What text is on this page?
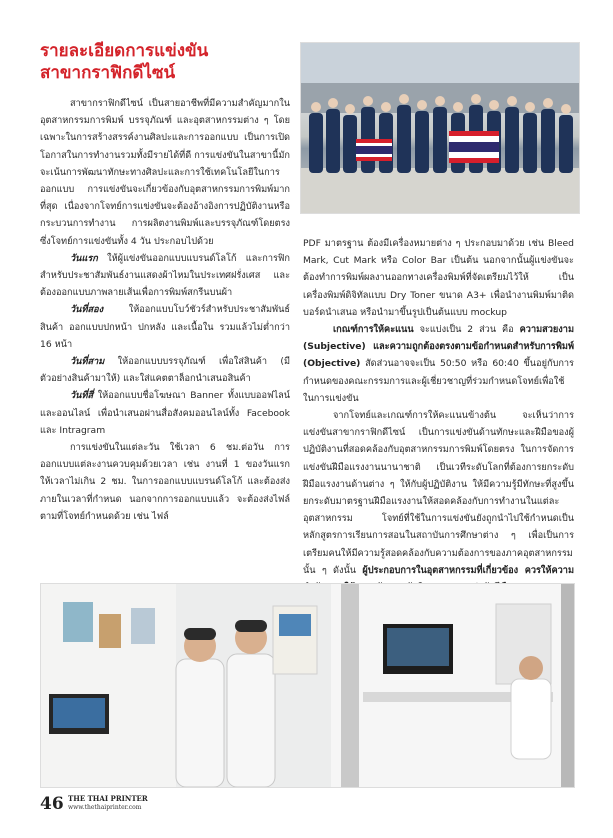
รายละเอียดการแข่งขัน
สาขากราฟิกดีไซน์

สาขากราฟิกดีไซน์ เป็นสายอาชีพที่มีความสำคัญมากในอุตสาหกรรมการพิมพ์ บรรจุภัณฑ์ และอุตสาหกรรมต่าง ๆ โดยเฉพาะในการสร้างสรรค์งานศิลปะและการออกแบบ เป็นการเปิดโอกาสในการทำงานรวมทั้งมีรายได้ที่ดี การแข่งขันในสาขานี้มักจะเน้นการพัฒนาทักษะทางศิลปะและการใช้เทคโนโลยีในการออกแบบ การแข่งขันจะเกี่ยวข้องกับอุตสาหกรรมการพิมพ์มากที่สุด เนื่องจากโจทย์การแข่งขันจะต้องอ้างอิงการปฏิบัติงานหรือกระบวนการทำงาน การผลิตงานพิมพ์และบรรจุภัณฑ์โดยตรง ซึ่งโจทย์การแข่งขันทั้ง 4 วัน ประกอบไปด้วย

วันแรก ให้ผู้แข่งขันออกแบบแบรนด์โลโก้ และการฟิกสำหรับประชาสัมพันธ์งานแสดงผ้าไหมในประเทศฝรั่งเศส และต้องออกแบบภาพลายเส้นเพื่อการพิมพ์สกรีนบนผ้า

วันที่สอง	ให้ออกแบบโบว์ชัวร์สำหรับประชาสัมพันธ์สินค้า ออกแบบปกหน้า ปกหลัง และเนื้อใน รวมแล้วไม่ต่ำกว่า 16 หน้า

วันที่สาม ให้ออกแบบบรรจุภัณฑ์ เพื่อใส่สินค้า (มีตัวอย่างสินค้ามาให้) และใส่แคตตาล็อกนำเสนอสินค้า

วันที่สี่ ให้ออกแบบชื่อโฆษณา Banner ทั้งแบบออฟไลน์และออนไลน์ เพื่อนำเสนอผ่านสื่อสังคมออนไลน์ทั้ง Facebook และ Intragram

การแข่งขันในแต่ละวัน ใช้เวลา 6 ชม.ต่อวัน การออกแบบแต่ละงานควบคุมด้วยเวลา เช่น งานที่ 1 ของวันแรก ให้เวลาไม่เกิน 2 ชม. ในการออกแบบแบรนด์โลโก้ และต้องส่งภายในเวลาที่กำหนด นอกจากการออกแบบแล้ว จะต้องส่งไฟล์ตามที่โจทย์กำหนดด้วย เช่น ไฟล์

PDF มาตรฐาน ต้องมีเครื่องหมายต่าง ๆ ประกอบมาด้วย เช่น Bleed Mark, Cut Mark หรือ Color Bar เป็นต้น นอกจากนั้นผู้แข่งขันจะต้องทำการพิมพ์ผลงานออกทางเครื่องพิมพ์ที่จัดเตรียมไว้ให้ เป็นเครื่องพิมพ์ดิจิทัลแบบ Dry Toner ขนาด A3+ เพื่อนำงานพิมพ์มาติดบอร์ดนำเสนอ หรือนำมาขึ้นรูปเป็นต้นแบบ mockup

เกณฑ์การให้คะแนน จะแบ่งเป็น 2 ส่วน คือ ความสวยงาม (Subjective) และความถูกต้องตรงตามข้อกำหนดสำหรับการพิมพ์ (Objective) สัดส่วนอาจจะเป็น 50:50 หรือ 60:40 ขึ้นอยู่กับการกำหนดของคณะกรรมการและผู้เชี่ยวชาญที่ร่วมกำหนดโจทย์เพื่อใช้ในการแข่งขัน

จากโจทย์และเกณฑ์การให้คะแนนข้างต้น จะเห็นว่าการแข่งขันสาขากราฟิกดีไซน์ เป็นการแข่งขันด้านทักษะและฝีมือของผู้ปฏิบัติงานที่สอดคล้องกับอุตสาหกรรมการพิมพ์โดยตรง ในการจัดการแข่งขันฝีมือแรงงานนานาชาติ เป็นเวทีระดับโลกที่ต้องการยกระดับฝีมือแรงงานด้านต่าง ๆ ให้กับผู้ปฏิบัติงาน ให้มีความรู้มีทักษะที่สูงขึ้น ยกระดับมาตรฐานฝีมือแรงงานให้สอดคล้องกับการทำงานในแต่ละอุตสาหกรรม โจทย์ที่ใช้ในการแข่งขันยังถูกนำไปใช้กำหนดเป็นหลักสูตรการเรียนการสอนในสถาบันการศึกษาต่าง ๆ เพื่อเป็นการเตรียมคนให้มีความรู้สอดคล้องกับความต้องการของภาคอุตสาหกรรมนั้น ๆ ดังนั้น ผู้ประกอบการในอุตสาหกรรมที่เกี่ยวข้อง ควรให้ความ

46 THE THAI PRINTER
www.thethaiprinter.com
